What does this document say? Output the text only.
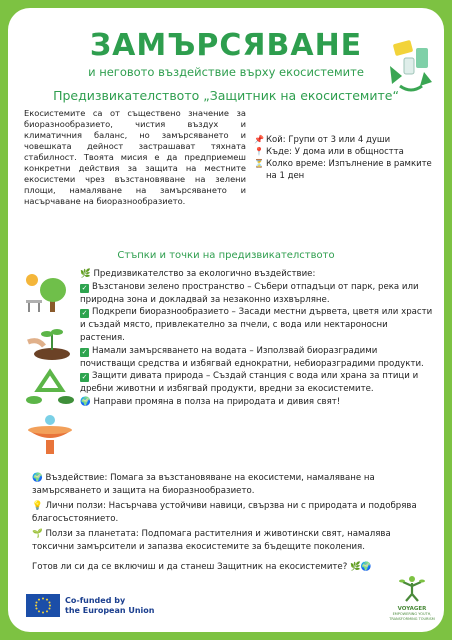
ЗАМЪРСЯВАНЕ
и неговото въздействие върху екосистемите
Предизвикателството „Защитник на екосистемите“
Екосистемите са от съществено значение за биоразнообразието, чистия въздух и климатичния баланс, но замърсяването и човешката дейност застрашават тяхната стабилност. Твоята мисия е да предприемеш конкретни действия за защита на местните екосистеми чрез възстановяване на зелени площи, намаляване на замърсяването и насърчаване на биоразнообразието.
📌 Кой: Групи от 3 или 4 души
📍 Къде: У дома или в общността
⏳ Колко време: Изпълнение в рамките на 1 ден
Стъпки и точки на предизвикателството

🌿 Предизвикателство за екологично въздействие:

✓ Възстанови зелено пространство – Събери отпадъци от парк, река или природна зона и докладвай за незаконно изхвърляне.

✓ Подкрепи биоразнообразието – Засади местни дървета, цветя или храсти и създай място, привлекателно за пчели, с вода или нектароносни растения.

✓ Намали замърсяването на водата – Използвай биоразградими почистващи средства и избягвай еднократни, небиоразградими продукти.

✓ Защити дивата природа – Създай станция с вода или храна за птици и дребни животни и избягвай продукти, вредни за екосистемите.

🌍 Направи промяна в полза на природата и дивия свят!

🌍 Въздействие: Помага за възстановяване на екосистеми, намаляване на замърсяването и защита на биоразнообразието.

💡 Лични ползи: Насърчава устойчиви навици, свързва ни с природата и подобрява благосъстоянието.

🌱 Ползи за планетата: Подпомага растителния и животински свят, намалява токсични замърсители и запазва екосистемите за бъдещите поколения.

Готов ли си да се включиш и да станеш Защитник на екосистемите? 🌿🌍
Co-funded by
the European Union	VOYAGER
EMPOWERING YOUTH, TRANSFORMING TOURISM
